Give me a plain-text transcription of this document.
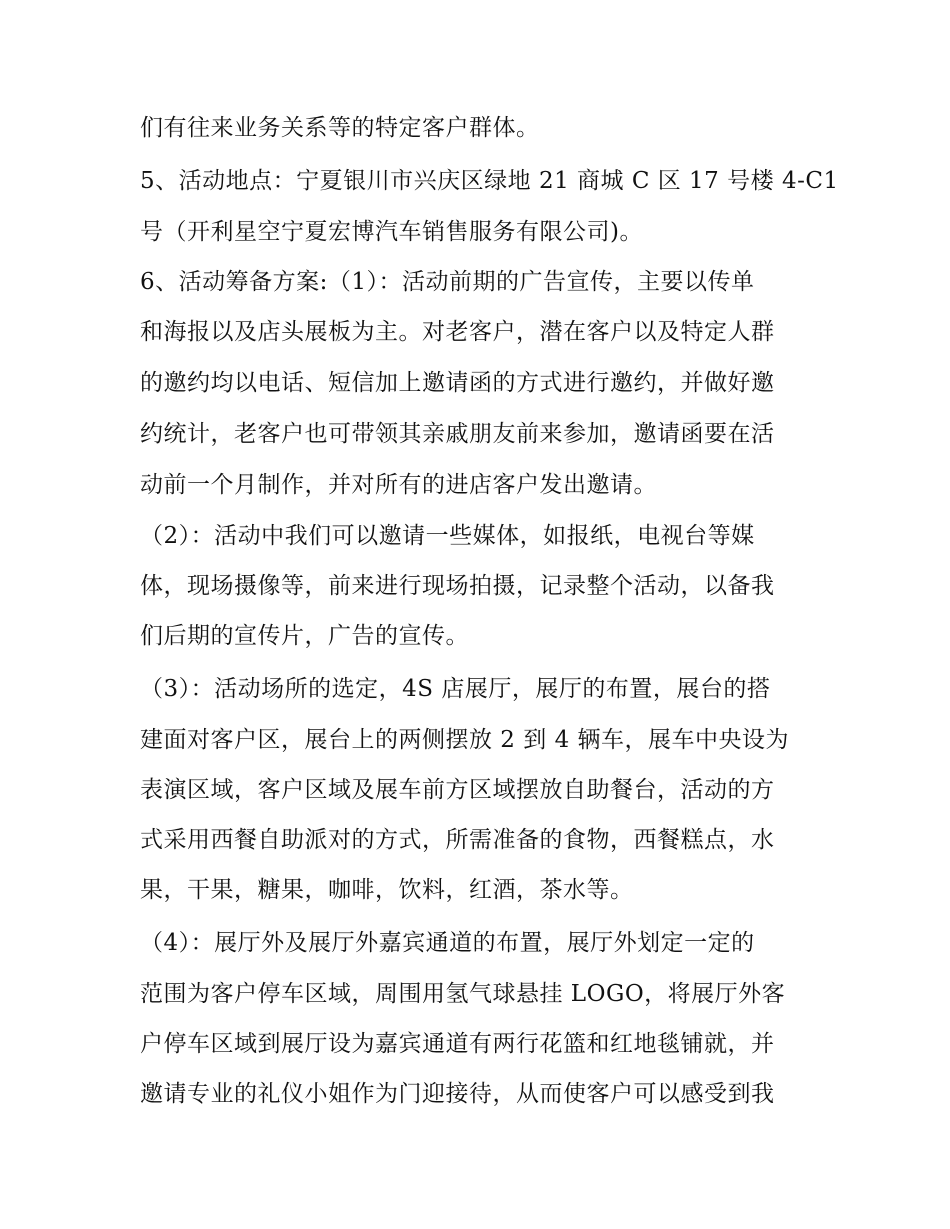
们有往来业务关系等的特定客户群体。
5、活动地点：宁夏银川市兴庆区绿地 21 商城 C 区 17 号楼 4-C1
号（开利星空宁夏宏博汽车销售服务有限公司)。
6、活动筹备方案:（1）：活动前期的广告宣传，主要以传单
和海报以及店头展板为主。对老客户，潜在客户以及特定人群
的邀约均以电话、短信加上邀请函的方式进行邀约，并做好邀
约统计，老客户也可带领其亲戚朋友前来参加，邀请函要在活
动前一个月制作，并对所有的进店客户发出邀请。
（2）：活动中我们可以邀请一些媒体，如报纸，电视台等媒
体，现场摄像等，前来进行现场拍摄，记录整个活动，以备我
们后期的宣传片，广告的宣传。
（3）：活动场所的选定，4S 店展厅，展厅的布置，展台的搭
建面对客户区，展台上的两侧摆放 2 到 4 辆车，展车中央设为
表演区域，客户区域及展车前方区域摆放自助餐台，活动的方
式采用西餐自助派对的方式，所需准备的食物，西餐糕点，水
果，干果，糖果，咖啡，饮料，红酒，茶水等。
（4）：展厅外及展厅外嘉宾通道的布置，展厅外划定一定的
范围为客户停车区域，周围用氢气球悬挂 LOGO，将展厅外客
户停车区域到展厅设为嘉宾通道有两行花篮和红地毯铺就，并
邀请专业的礼仪小姐作为门迎接待，从而使客户可以感受到我
